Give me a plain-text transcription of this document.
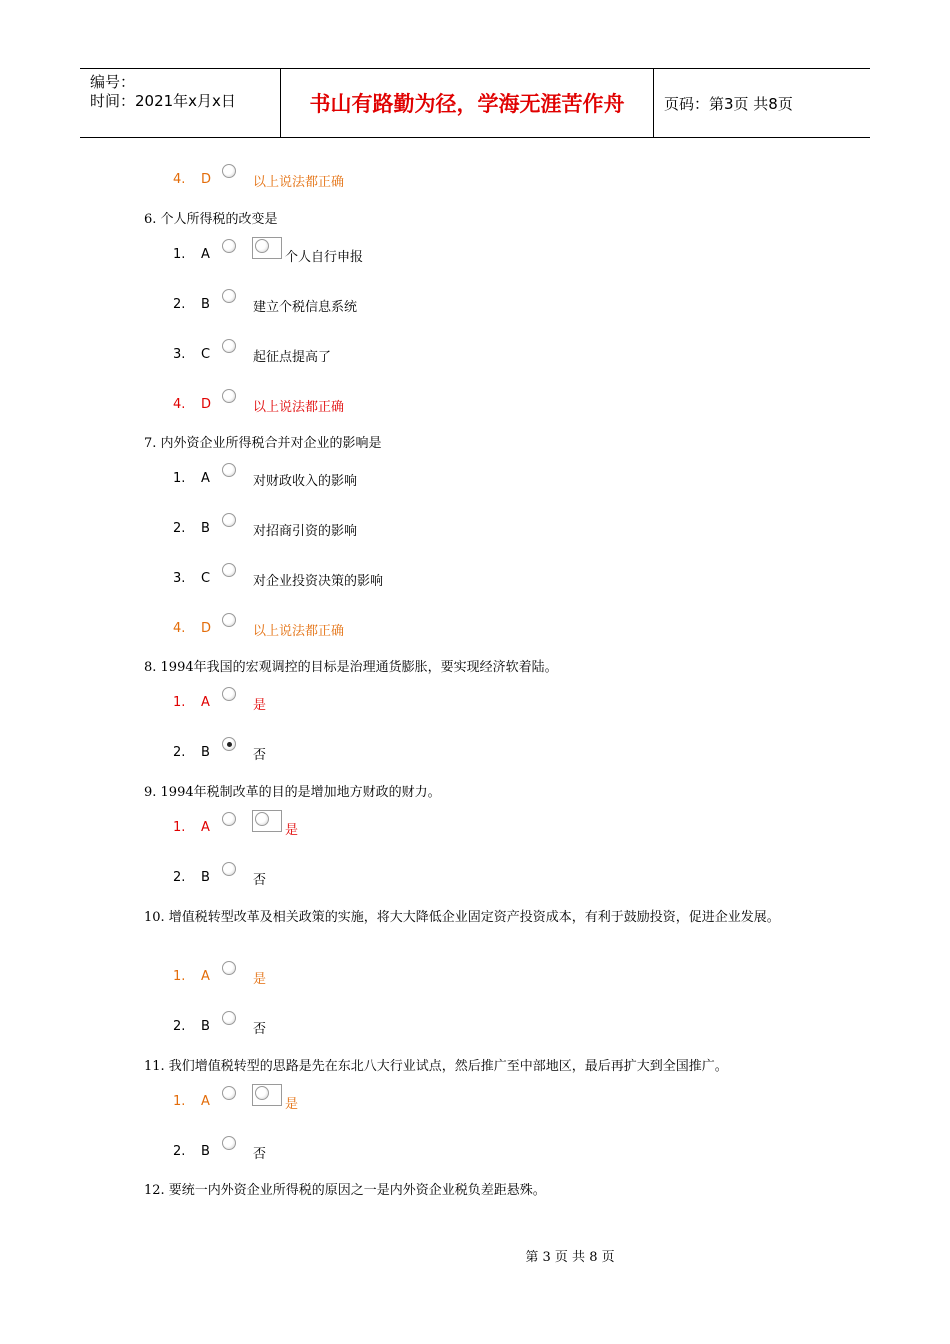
编号：
时间：2021年x月x日	书山有路勤为径，学海无涯苦作舟	页码：第3页 共8页
4.	D	以上说法都正确
6. 个人所得税的改变是
1.	A	个人自行申报
2.	B	建立个税信息系统
3.	C	起征点提高了
4.	D	以上说法都正确
7. 内外资企业所得税合并对企业的影响是
1.	A	对财政收入的影响
2.	B	对招商引资的影响
3.	C	对企业投资决策的影响
4.	D	以上说法都正确
8. 1994年我国的宏观调控的目标是治理通货膨胀，要实现经济软着陆。
1.	A	是
2.	B	否
9. 1994年税制改革的目的是增加地方财政的财力。
1.	A	是
2.	B	否
10. 增值税转型改革及相关政策的实施，将大大降低企业固定资产投资成本，有利于鼓励投资，促进企业发展。
1.	A	是
2.	B	否
11. 我们增值税转型的思路是先在东北八大行业试点，然后推广至中部地区，最后再扩大到全国推广。
1.	A	是
2.	B	否
12. 要统一内外资企业所得税的原因之一是内外资企业税负差距悬殊。
第 3 页 共 8 页
